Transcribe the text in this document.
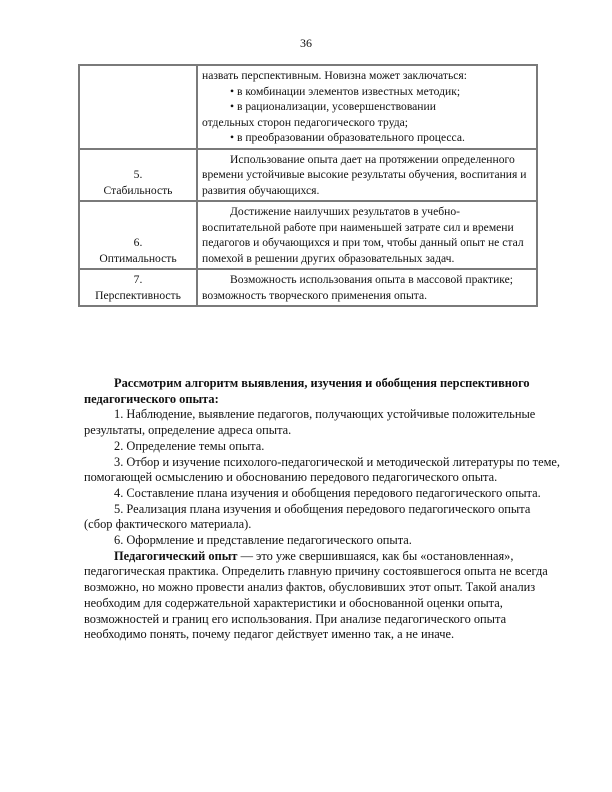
36

	назвать перспективным. Новизна может заключаться:

• в комбинации элементов известных методик;

• в рационализации, усовершенствовании

отдельных сторон педагогического труда;

• в преобразовании образовательного процесса.

5.
Стабильность	Использование опыта дает на протяжении определенного времени устойчивые высокие результаты обучения, воспитания и развития обучающихся.

6.
Оптимальность	Достижение наилучших результатов в учебно-воспитательной работе при наименьшей затрате сил и времени педагогов и обучающихся и при том, чтобы данный опыт не стал помехой в решении других образовательных задач.

7.
Перспективность	Возможность использования опыта в массовой практике; возможность творческого применения опыта.

Рассмотрим алгоритм выявления, изучения и обобщения перспективного педагогического опыта:

1. Наблюдение, выявление педагогов, получающих устойчивые положительные результаты, определение адреса опыта.

2. Определение темы опыта.

3. Отбор и изучение психолого-педагогической и методической литературы по теме, помогающей осмыслению и обоснованию передового педагогического опыта.

4. Составление плана изучения и обобщения передового педагогического опыта.

5. Реализация плана изучения и обобщения передового педагогического опыта (сбор фактического материала).

6. Оформление и представление педагогического опыта.

Педагогический опыт — это уже свершившаяся, как бы «остановленная», педагогическая практика. Определить главную причину состоявшегося опыта не всегда возможно, но можно провести анализ фактов, обусловивших этот опыт. Такой анализ необходим для содержательной характеристики и обоснованной оценки опыта, возможностей и границ его использования. При анализе педагогического опыта необходимо понять, почему педагог действует именно так, а не иначе.
